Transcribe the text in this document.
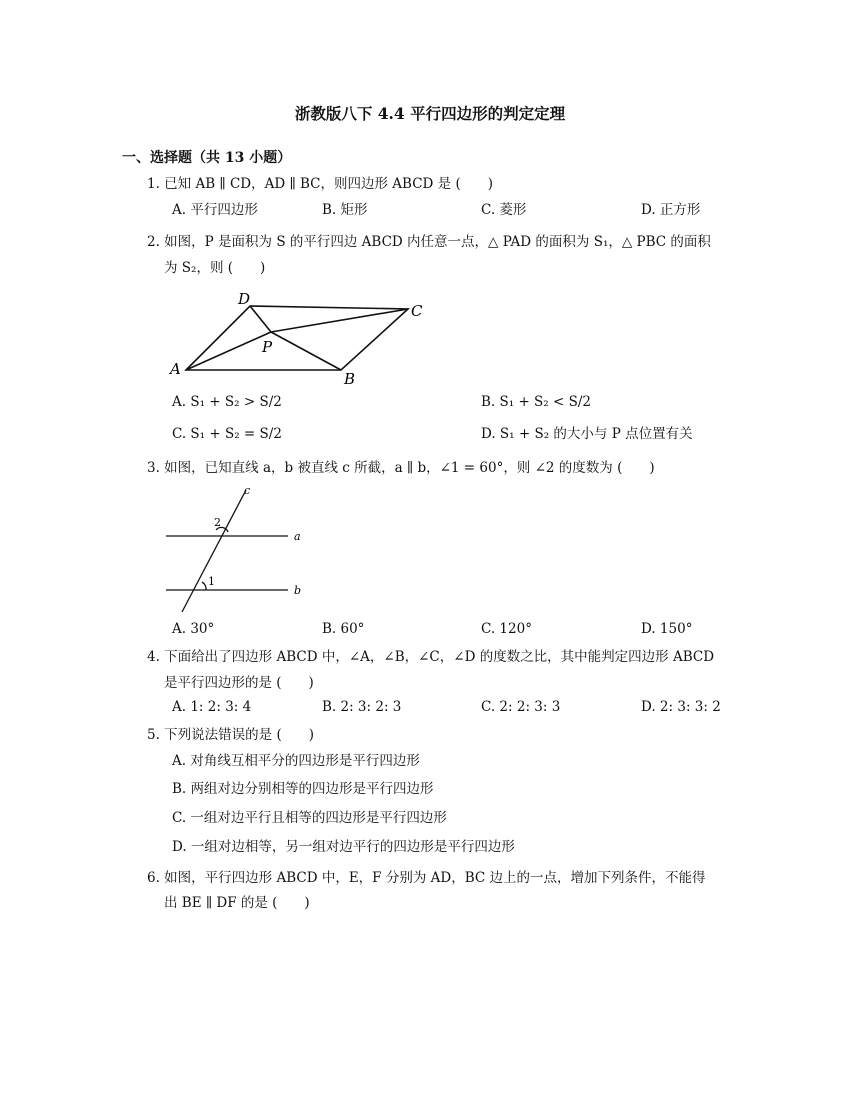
浙教版八下 4.4 平行四边形的判定定理
一、选择题（共 13 小题）
1. 已知 AB ∥ CD，AD ∥ BC，则四边形 ABCD 是 (　　)
A. 平行四边形	B. 矩形	C. 菱形	D. 正方形
2. 如图，P 是面积为 S 的平行四边 ABCD 内任意一点，△ PAD 的面积为 S₁，△ PBC 的面积
为 S₂，则 (　　)
A
B
C
D
P
A. S₁ + S₂ > S/2	B. S₁ + S₂ < S/2
C. S₁ + S₂ = S/2	D. S₁ + S₂ 的大小与 P 点位置有关
3. 如图，已知直线 a，b 被直线 c 所截，a ∥ b，∠1 = 60°，则 ∠2 的度数为 (　　)
c
a
b
1
2
A. 30°	B. 60°	C. 120°	D. 150°
4. 下面给出了四边形 ABCD 中，∠A，∠B，∠C，∠D 的度数之比，其中能判定四边形 ABCD
是平行四边形的是 (　　)
A. 1: 2: 3: 4	B. 2: 3: 2: 3	C. 2: 2: 3: 3	D. 2: 3: 3: 2
5. 下列说法错误的是 (　　)
A. 对角线互相平分的四边形是平行四边形
B. 两组对边分别相等的四边形是平行四边形
C. 一组对边平行且相等的四边形是平行四边形
D. 一组对边相等，另一组对边平行的四边形是平行四边形
6. 如图，平行四边形 ABCD 中，E，F 分别为 AD，BC 边上的一点，增加下列条件，不能得
出 BE ∥ DF 的是 (　　)
